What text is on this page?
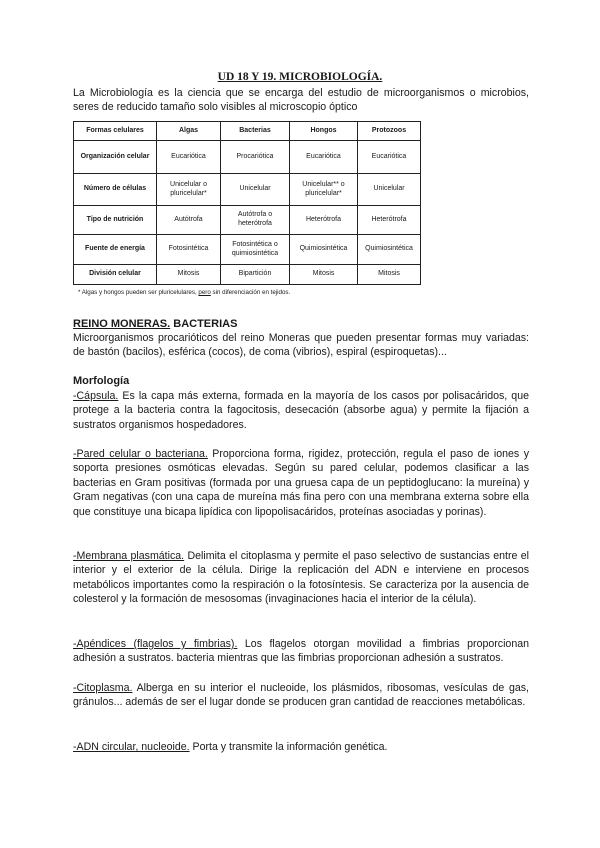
UD 18 Y 19. MICROBIOLOGÍA.
La Microbiología es la ciencia que se encarga del estudio de microorganismos o microbios, seres de reducido tamaño solo visibles al microscopio óptico
Formas celulares	Algas	Bacterias	Hongos	Protozoos
Organización celular	Eucariótica	Procariótica	Eucariótica	Eucariótica
Número de células	Unicelular o pluricelular*	Unicelular	Unicelular** o pluricelular*	Unicelular
Tipo de nutrición	Autótrofa	Autótrofa o heterótrofa	Heterótrofa	Heterótrofa
Fuente de energía	Fotosintética	Fotosintética o quimiosintética	Quimiosintética	Quimiosintética
División celular	Mitosis	Bipartición	Mitosis	Mitosis
* Algas y hongos pueden ser pluricelulares, pero sin diferenciación en tejidos.
REINO MONERAS. BACTERIAS
Microorganismos procarióticos del reino Moneras que pueden presentar formas muy variadas: de bastón (bacilos), esférica (cocos), de coma (vibrios), espiral (espiroquetas)...
Morfología
-Cápsula. Es la capa más externa, formada en la mayoría de los casos por polisacáridos, que protege a la bacteria contra la fagocitosis, desecación (absorbe agua) y permite la fijación a sustratos organismos hospedadores.
-Pared celular o bacteriana. Proporciona forma, rigidez, protección, regula el paso de iones y soporta presiones osmóticas elevadas. Según su pared celular, podemos clasificar a las bacterias en Gram positivas (formada por una gruesa capa de un peptidoglucano: la mureína) y Gram negativas (con una capa de mureína más fina pero con una membrana externa sobre ella que constituye una bicapa lipídica con lipopolisacáridos, proteínas asociadas y porinas).
-Membrana plasmática. Delimita el citoplasma y permite el paso selectivo de sustancias entre el interior y el exterior de la célula. Dirige la replicación del ADN e interviene en procesos metabólicos importantes como la respiración o la fotosíntesis. Se caracteriza por la ausencia de colesterol y la formación de mesosomas (invaginaciones hacia el interior de la célula).
-Apéndices (flagelos y fimbrias). Los flagelos otorgan movilidad a fimbrias proporcionan adhesión a sustratos. bacteria mientras que las fimbrias proporcionan adhesión a sustratos.
-Citoplasma. Alberga en su interior el nucleoide, los plásmidos, ribosomas, vesículas de gas, gránulos... además de ser el lugar donde se producen gran cantidad de reacciones metabólicas.
-ADN circular, nucleoide. Porta y transmite la información genética.
